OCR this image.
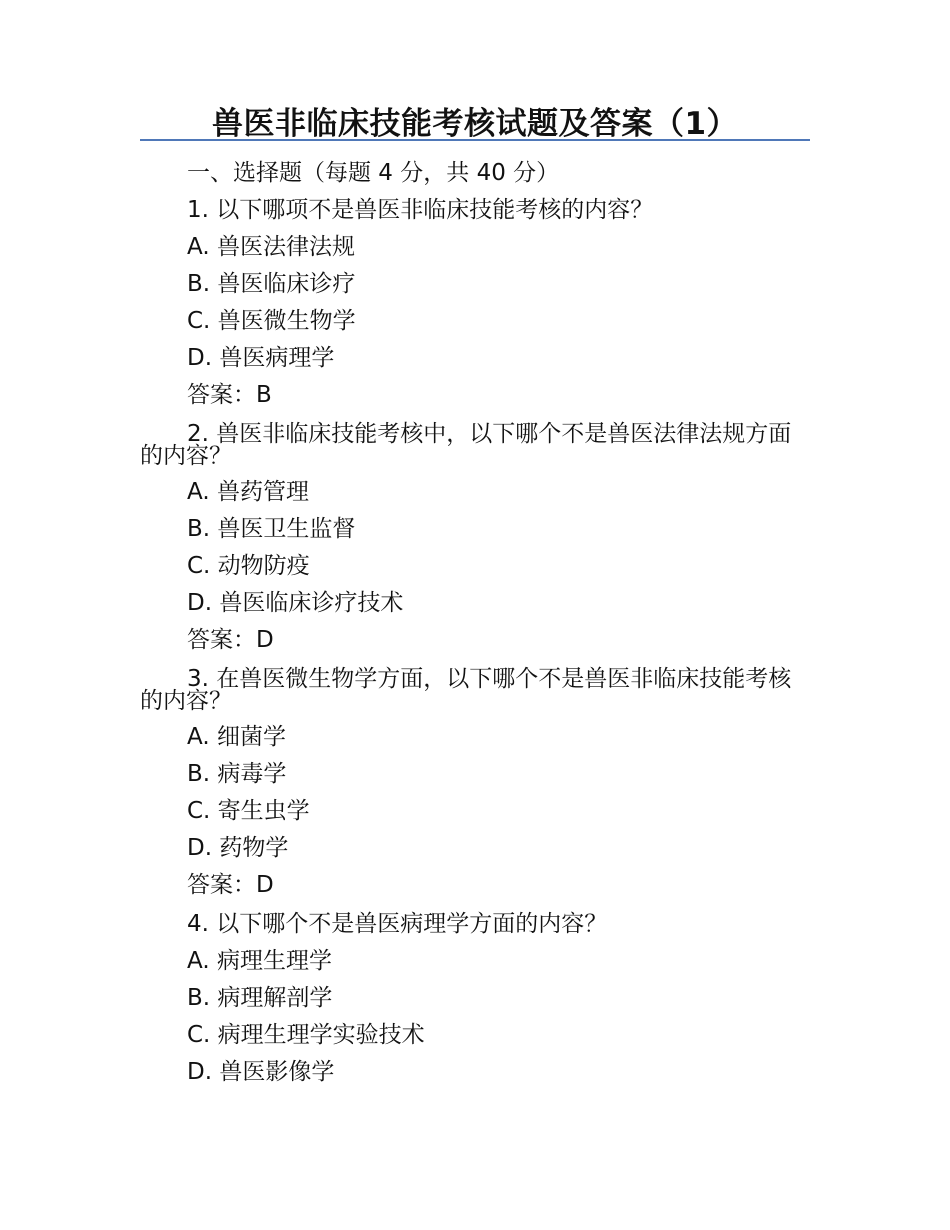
兽医非临床技能考核试题及答案（1）
一、选择题（每题 4 分，共 40 分）
1. 以下哪项不是兽医非临床技能考核的内容？
A. 兽医法律法规
B. 兽医临床诊疗
C. 兽医微生物学
D. 兽医病理学
答案：B
2. 兽医非临床技能考核中，以下哪个不是兽医法律法规方面的内容？
A. 兽药管理
B. 兽医卫生监督
C. 动物防疫
D. 兽医临床诊疗技术
答案：D
3. 在兽医微生物学方面，以下哪个不是兽医非临床技能考核的内容？
A. 细菌学
B. 病毒学
C. 寄生虫学
D. 药物学
答案：D
4. 以下哪个不是兽医病理学方面的内容？
A. 病理生理学
B. 病理解剖学
C. 病理生理学实验技术
D. 兽医影像学
